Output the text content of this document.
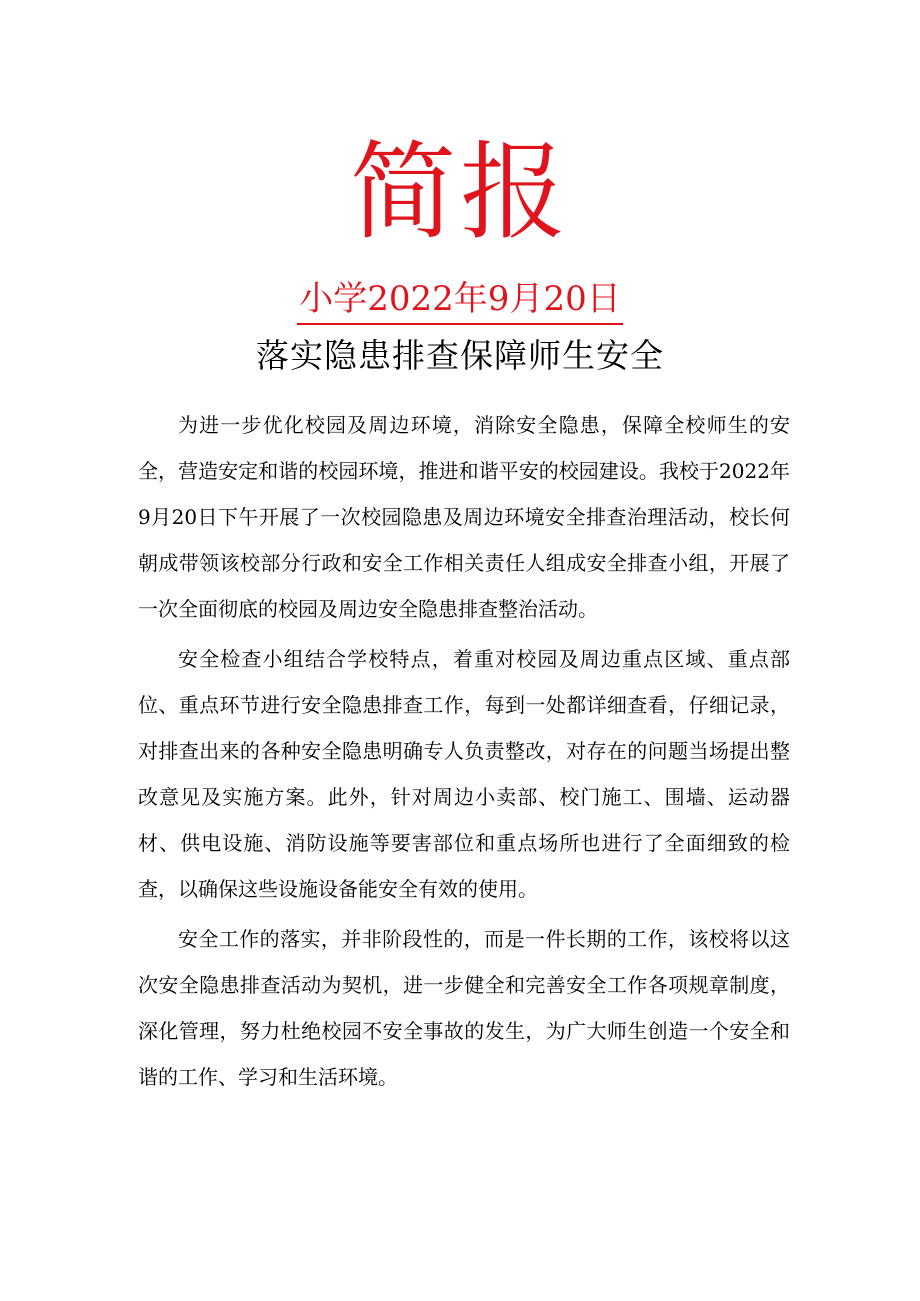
简报
小学2022年9月20日
落实隐患排查保障师生安全

为进一步优化校园及周边环境，消除安全隐患，保障全校师生的安全，营造安定和谐的校园环境，推进和谐平安的校园建设。我校于2022年9月20日下午开展了一次校园隐患及周边环境安全排查治理活动，校长何朝成带领该校部分行政和安全工作相关责任人组成安全排查小组，开展了一次全面彻底的校园及周边安全隐患排查整治活动。

安全检查小组结合学校特点，着重对校园及周边重点区域、重点部位、重点环节进行安全隐患排查工作，每到一处都详细查看，仔细记录，对排查出来的各种安全隐患明确专人负责整改，对存在的问题当场提出整改意见及实施方案。此外，针对周边小卖部、校门施工、围墙、运动器材、供电设施、消防设施等要害部位和重点场所也进行了全面细致的检查，以确保这些设施设备能安全有效的使用。

安全工作的落实，并非阶段性的，而是一件长期的工作，该校将以这次安全隐患排查活动为契机，进一步健全和完善安全工作各项规章制度，深化管理，努力杜绝校园不安全事故的发生，为广大师生创造一个安全和谐的工作、学习和生活环境。
